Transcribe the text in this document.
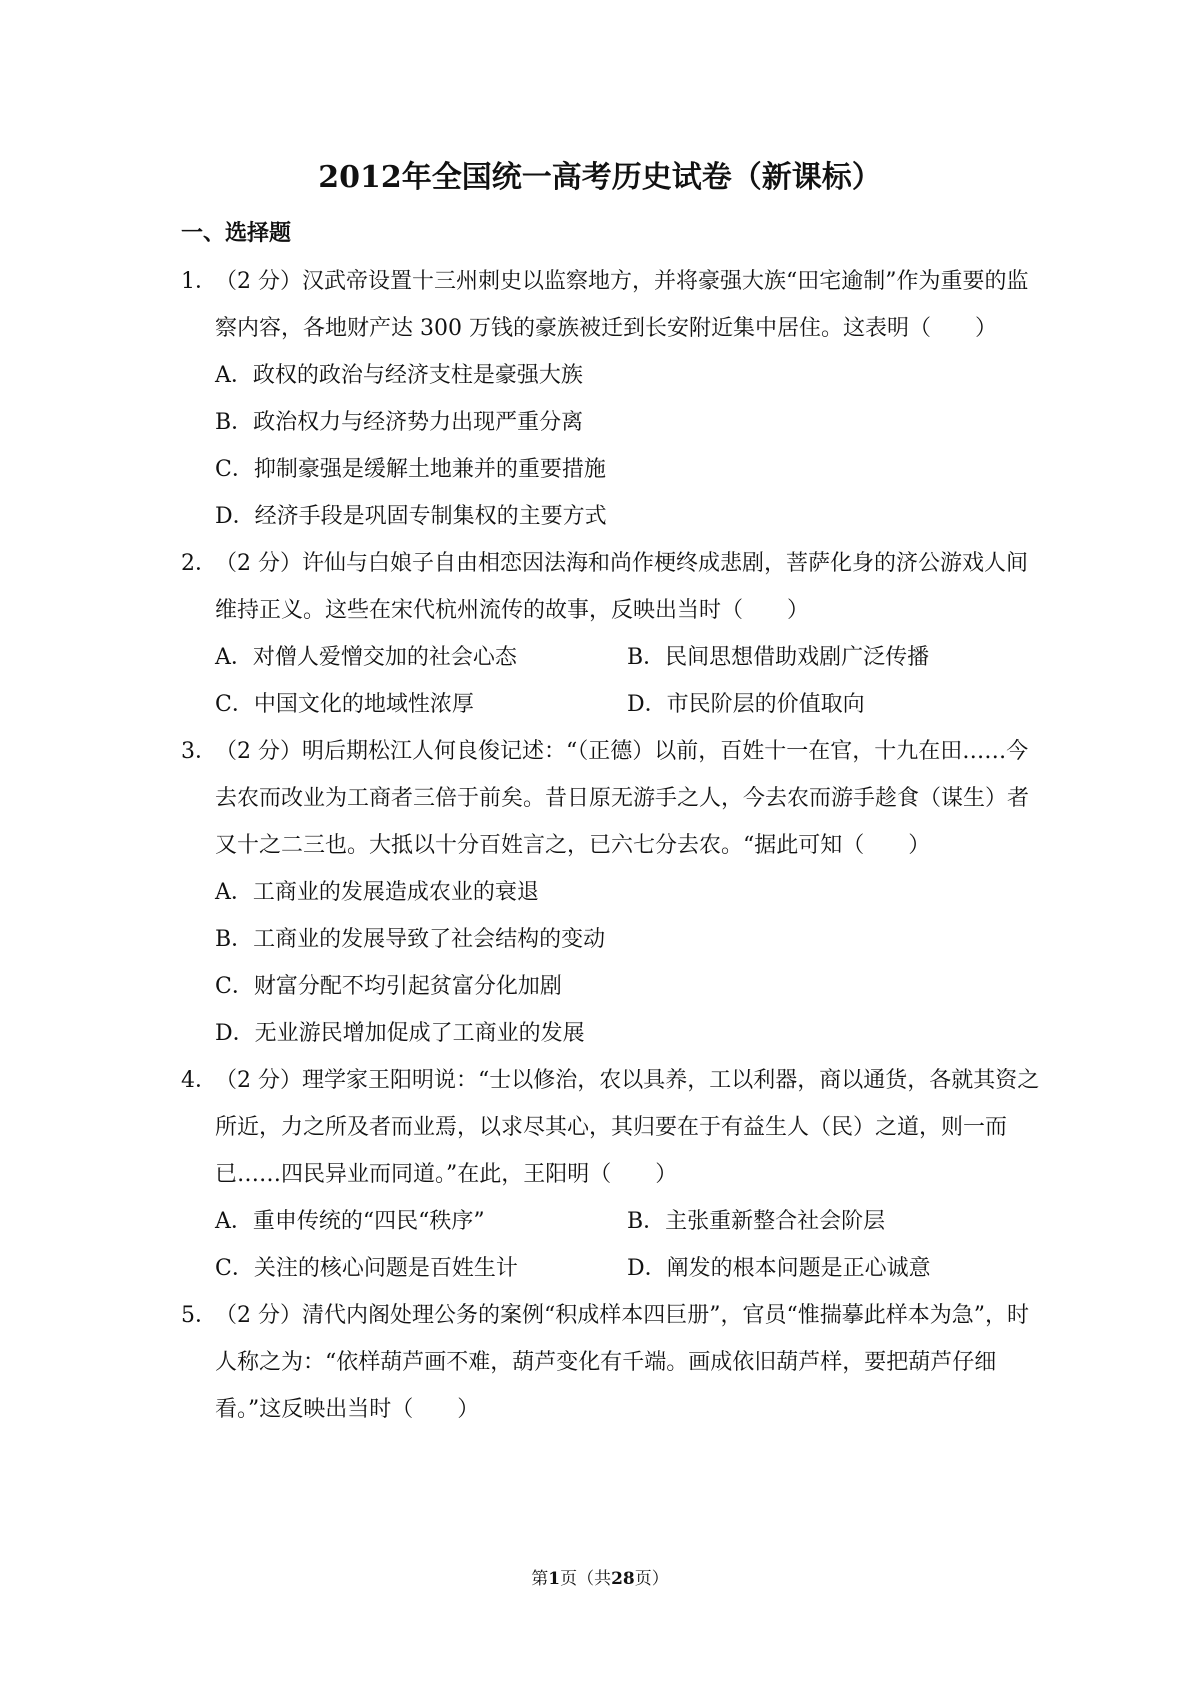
2012年全国统一高考历史试卷（新课标）
一、选择题
1．

（2 分）汉武帝设置十三州刺史以监察地方，并将豪强大族“田宅逾制”作为重要的监察内容，各地财产达 300 万钱的豪族被迁到长安附近集中居住。这表明（　　）

A．政权的政治与经济支柱是豪强大族
B．政治权力与经济势力出现严重分离
C．抑制豪强是缓解土地兼并的重要措施
D．经济手段是巩固专制集权的主要方式
2．

（2 分）许仙与白娘子自由相恋因法海和尚作梗终成悲剧，菩萨化身的济公游戏人间维持正义。这些在宋代杭州流传的故事，反映出当时（　　）

A．对僧人爱憎交加的社会心态	B．民间思想借助戏剧广泛传播
C．中国文化的地域性浓厚	D．市民阶层的价值取向
3．

（2 分）明后期松江人何良俊记述：“（正德）以前，百姓十一在官，十九在田……今去农而改业为工商者三倍于前矣。昔日原无游手之人，今去农而游手趁食（谋生）者又十之二三也。大抵以十分百姓言之，已六七分去农。“据此可知（　　）

A．工商业的发展造成农业的衰退
B．工商业的发展导致了社会结构的变动
C．财富分配不均引起贫富分化加剧
D．无业游民增加促成了工商业的发展
4．

（2 分）理学家王阳明说：“士以修治，农以具养，工以利器，商以通货，各就其资之所近，力之所及者而业焉，以求尽其心，其归要在于有益生人（民）之道，则一而已……四民异业而同道。”在此，王阳明（　　）

A．重申传统的“四民“秩序”	B．主张重新整合社会阶层
C．关注的核心问题是百姓生计	D．阐发的根本问题是正心诚意
5．

（2 分）清代内阁处理公务的案例“积成样本四巨册”，官员“惟揣摹此样本为急”，时人称之为：“依样葫芦画不难，葫芦变化有千端。画成依旧葫芦样，要把葫芦仔细看。”这反映出当时（　　）

第1页（共28页）
